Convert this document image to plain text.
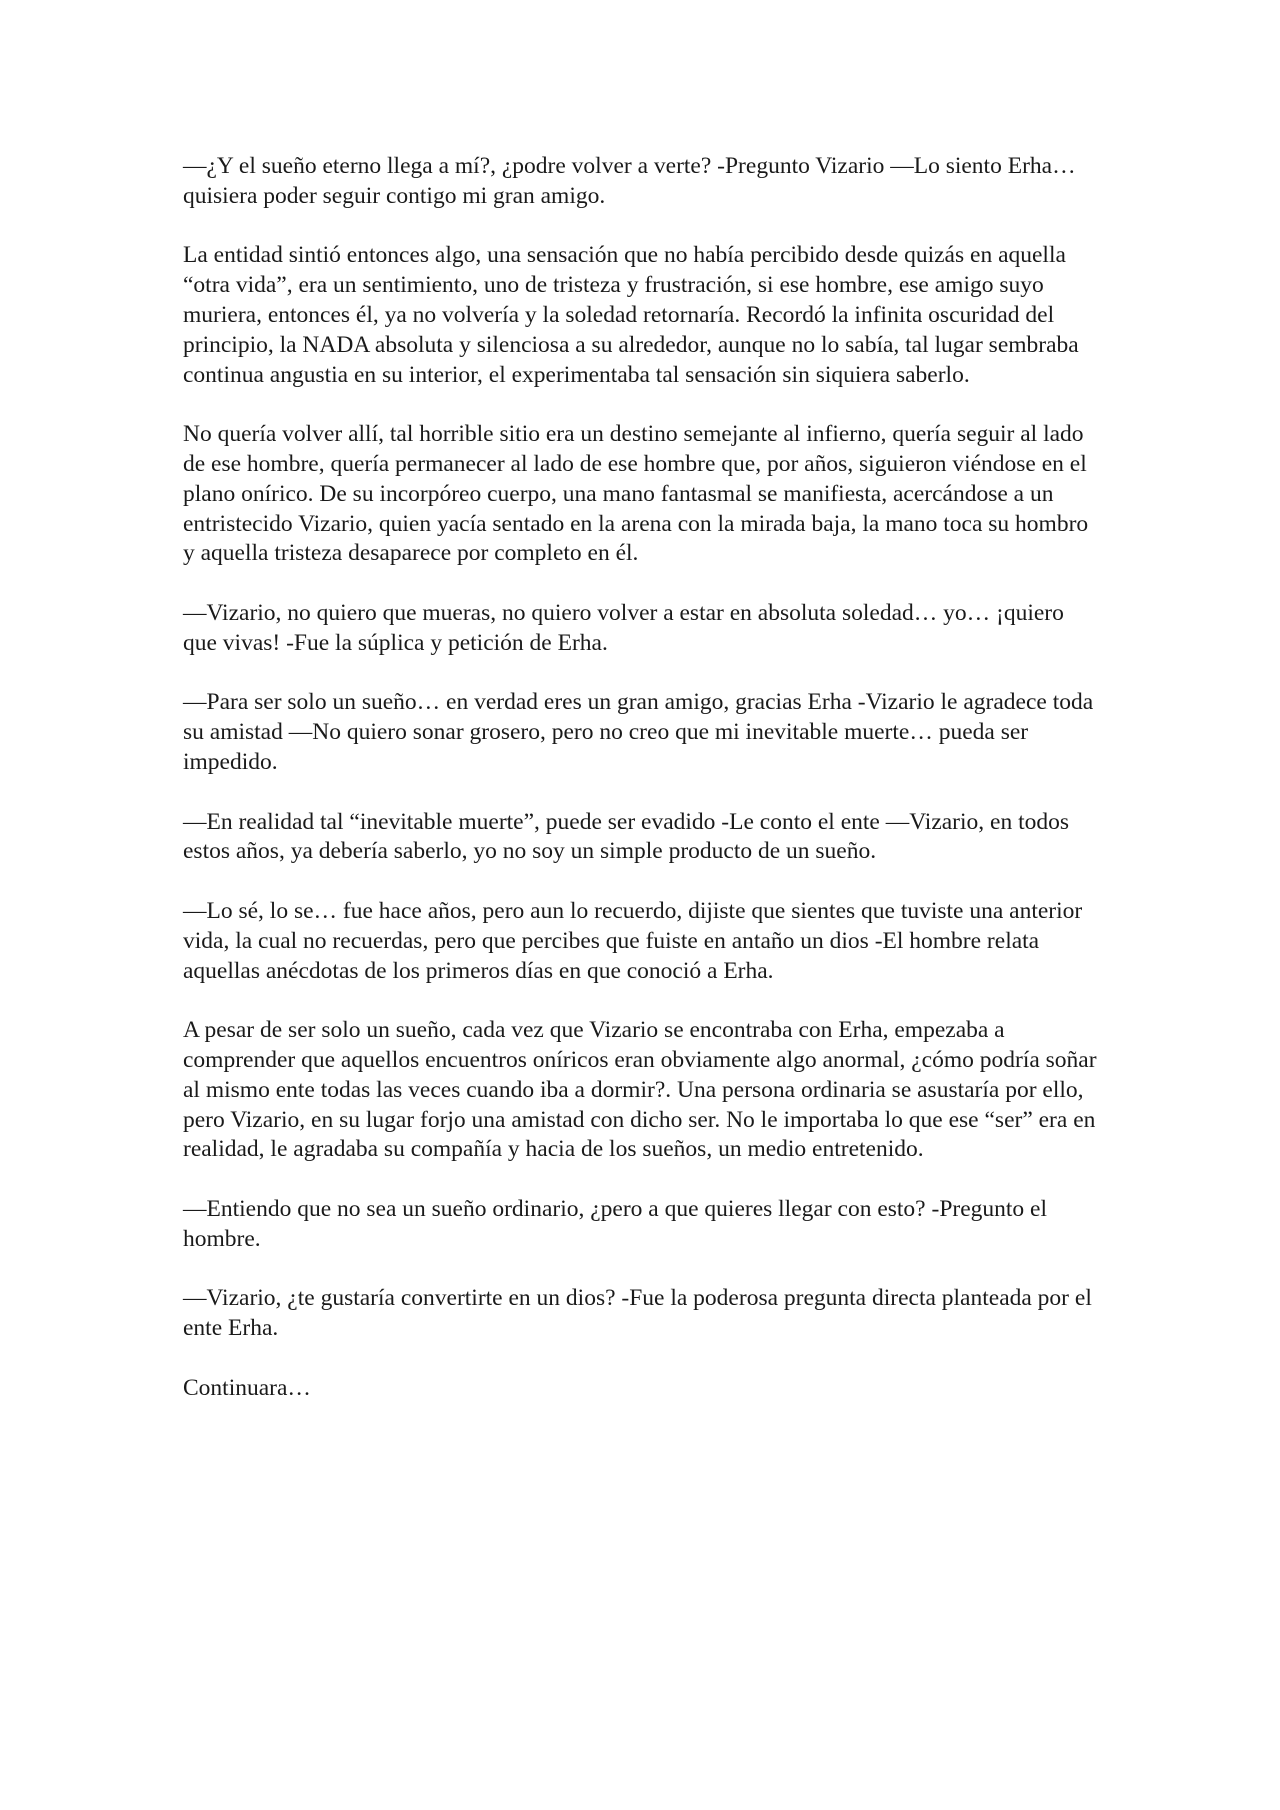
—¿Y el sueño eterno llega a mí?, ¿podre volver a verte? -Pregunto Vizario —Lo siento Erha… quisiera poder seguir contigo mi gran amigo.

La entidad sintió entonces algo, una sensación que no había percibido desde quizás en aquella “otra vida”, era un sentimiento, uno de tristeza y frustración, si ese hombre, ese amigo suyo muriera, entonces él, ya no volvería y la soledad retornaría. Recordó la infinita oscuridad del principio, la NADA absoluta y silenciosa a su alrededor, aunque no lo sabía, tal lugar sembraba continua angustia en su interior, el experimentaba tal sensación sin siquiera saberlo.

No quería volver allí, tal horrible sitio era un destino semejante al infierno, quería seguir al lado de ese hombre, quería permanecer al lado de ese hombre que, por años, siguieron viéndose en el plano onírico. De su incorpóreo cuerpo, una mano fantasmal se manifiesta, acercándose a un entristecido Vizario, quien yacía sentado en la arena con la mirada baja, la mano toca su hombro y aquella tristeza desaparece por completo en él.

—Vizario, no quiero que mueras, no quiero volver a estar en absoluta soledad… yo… ¡quiero que vivas! -Fue la súplica y petición de Erha.

—Para ser solo un sueño… en verdad eres un gran amigo, gracias Erha -Vizario le agradece toda su amistad —No quiero sonar grosero, pero no creo que mi inevitable muerte… pueda ser impedido.

—En realidad tal “inevitable muerte”, puede ser evadido -Le conto el ente —Vizario, en todos estos años, ya debería saberlo, yo no soy un simple producto de un sueño.

—Lo sé, lo se… fue hace años, pero aun lo recuerdo, dijiste que sientes que tuviste una anterior vida, la cual no recuerdas, pero que percibes que fuiste en antaño un dios -El hombre relata aquellas anécdotas de los primeros días en que conoció a Erha.

A pesar de ser solo un sueño, cada vez que Vizario se encontraba con Erha, empezaba a comprender que aquellos encuentros oníricos eran obviamente algo anormal, ¿cómo podría soñar al mismo ente todas las veces cuando iba a dormir?. Una persona ordinaria se asustaría por ello, pero Vizario, en su lugar forjo una amistad con dicho ser. No le importaba lo que ese “ser” era en realidad, le agradaba su compañía y hacia de los sueños, un medio entretenido.

—Entiendo que no sea un sueño ordinario, ¿pero a que quieres llegar con esto? -Pregunto el hombre.

—Vizario, ¿te gustaría convertirte en un dios? -Fue la poderosa pregunta directa planteada por el ente Erha.

Continuara…
